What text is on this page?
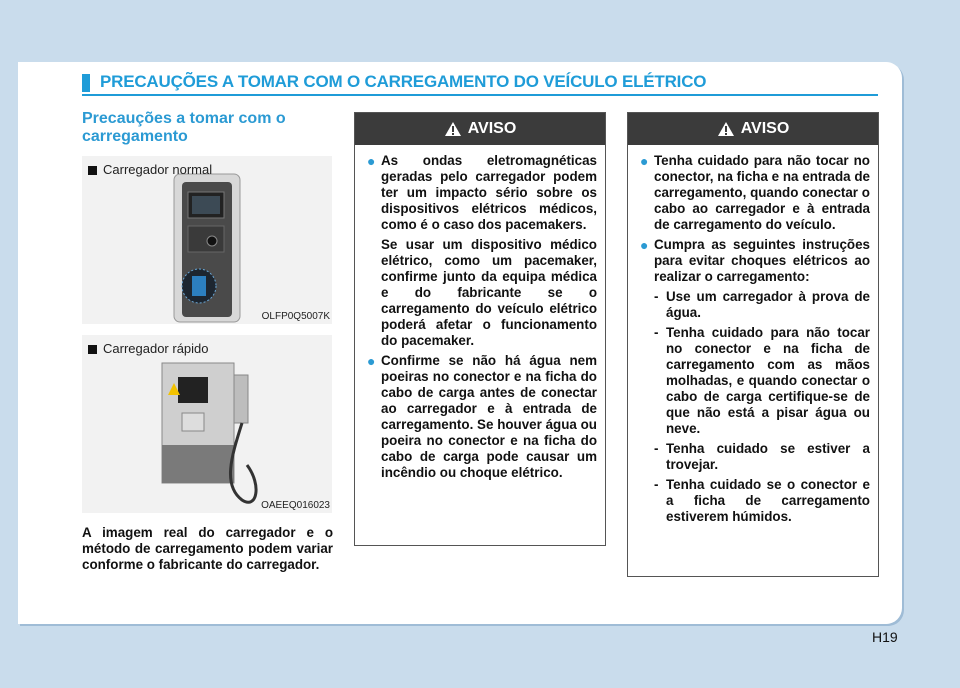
PRECAUÇÕES A TOMAR COM O CARREGAMENTO DO VEÍCULO ELÉTRICO
Precauções a tomar com o carregamento
Carregador normal
OLFP0Q5007K
Carregador rápido
OAEEQ016023
A imagem real do carregador e o método de carregamento podem variar conforme o fabricante do carregador.
AVISO
● As ondas eletromagnéticas geradas pelo carregador podem ter um impacto sério sobre os dispositivos elétricos médicos, como é o caso dos pacemakers.
Se usar um dispositivo médico elétrico, como um pacemaker, confirme junto da equipa médica e do fabricante se o carregamento do veículo elétrico poderá afetar o funcionamento do pacemaker.
● Confirme se não há água nem poeiras no conector e na ficha do cabo de carga antes de conectar ao carregador e à entrada de carregamento. Se houver água ou poeira no conector e na ficha do cabo de carga pode causar um incêndio ou choque elétrico.
AVISO
● Tenha cuidado para não tocar no conector, na ficha e na entrada de carregamento, quando conectar o cabo ao carregador e à entrada de carregamento do veículo.
● Cumpra as seguintes instruções para evitar choques elétricos ao realizar o carregamento:
- Use um carregador à prova de água.
- Tenha cuidado para não tocar no conector e na ficha de carregamento com as mãos molhadas, e quando conectar o cabo de carga certifique-se de que não está a pisar água ou neve.
- Tenha cuidado se estiver a trovejar.
- Tenha cuidado se o conector e a ficha de carregamento estiverem húmidos.
H19
